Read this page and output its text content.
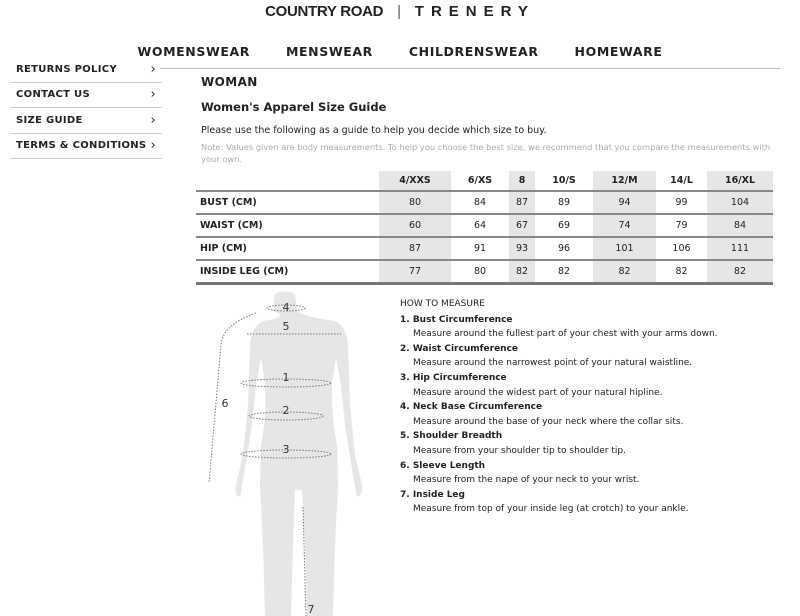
COUNTRY ROAD | TRENERY
WOMENSWEAR	MENSWEAR	CHILDRENSWEAR	HOMEWARE
RETURNS POLICY	›
CONTACT US	›
SIZE GUIDE	›
TERMS & CONDITIONS ›
WOMAN
Women's Apparel Size Guide
Please use the following as a guide to help you decide which size to buy.
Note: Values given are body measurements. To help you choose the best size, we recommend that you compare the measurements with your own.
	4/XXS	6/XS	8	10/S	12/M	14/L	16/XL
BUST (CM)	80	84	87	89	94	99	104
WAIST (CM)	60	64	67	69	74	79	84
HIP (CM)	87	91	93	96	101	106	111
INSIDE LEG (CM)	77	80	82	82	82	82	82
4
5
1
2
3
6
7
HOW TO MEASURE
1. Bust Circumference
Measure around the fullest part of your chest with your arms down.
2. Waist Circumference
Measure around the narrowest point of your natural waistline.
3. Hip Circumference
Measure around the widest part of your natural hipline.
4. Neck Base Circumference
Measure around the base of your neck where the collar sits.
5. Shoulder Breadth
Measure from your shoulder tip to shoulder tip.
6. Sleeve Length
Measure from the nape of your neck to your wrist.
7. Inside Leg
Measure from top of your inside leg (at crotch) to your ankle.
